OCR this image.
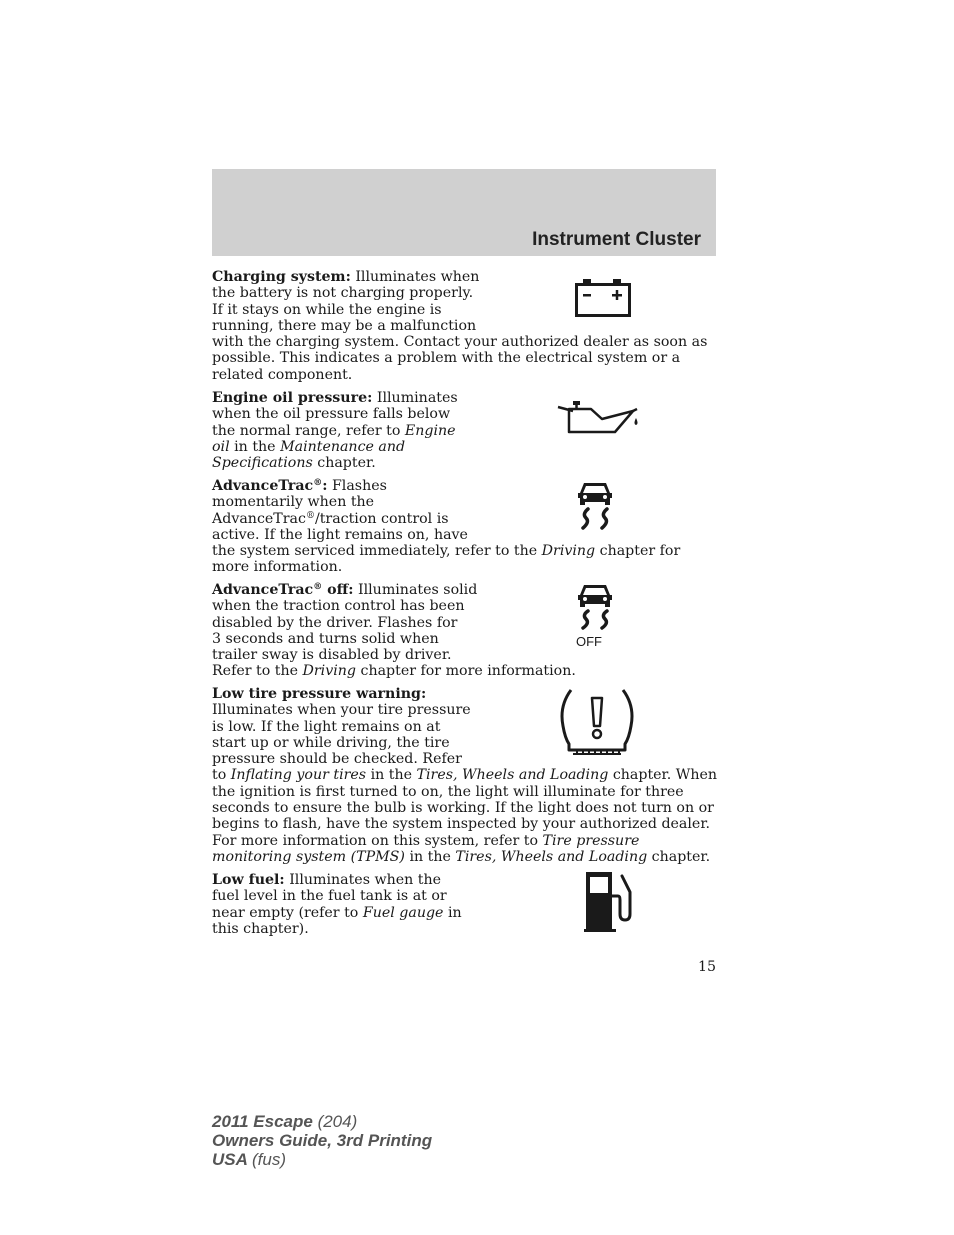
Instrument Cluster
Charging system: Illuminates when
the battery is not charging properly.
If it stays on while the engine is
running, there may be a malfunction
with the charging system. Contact your authorized dealer as soon as possible. This indicates a problem with the electrical system or a related component.
Engine oil pressure: Illuminates when the oil pressure falls below the normal range, refer to Engine oil in the Maintenance and Specifications chapter.
AdvanceTrac®: Flashes
momentarily when the
AdvanceTrac®/traction control is
active. If the light remains on, have
the system serviced immediately, refer to the Driving chapter for more information.
AdvanceTrac® off: Illuminates solid
when the traction control has been
disabled by the driver. Flashes for
3 seconds and turns solid when
trailer sway is disabled by driver.
Refer to the Driving chapter for more information.
OFF
Low tire pressure warning:
Illuminates when your tire pressure
is low. If the light remains on at
start up or while driving, the tire
pressure should be checked. Refer
to Inflating your tires in the Tires, Wheels and Loading chapter. When the ignition is first turned to on, the light will illuminate for three seconds to ensure the bulb is working. If the light does not turn on or begins to flash, have the system inspected by your authorized dealer. For more information on this system, refer to Tire pressure monitoring system (TPMS) in the Tires, Wheels and Loading chapter.
Low fuel: Illuminates when the fuel level in the fuel tank is at or near empty (refer to Fuel gauge in this chapter).
15
2011 Escape (204)
Owners Guide, 3rd Printing
USA (fus)
